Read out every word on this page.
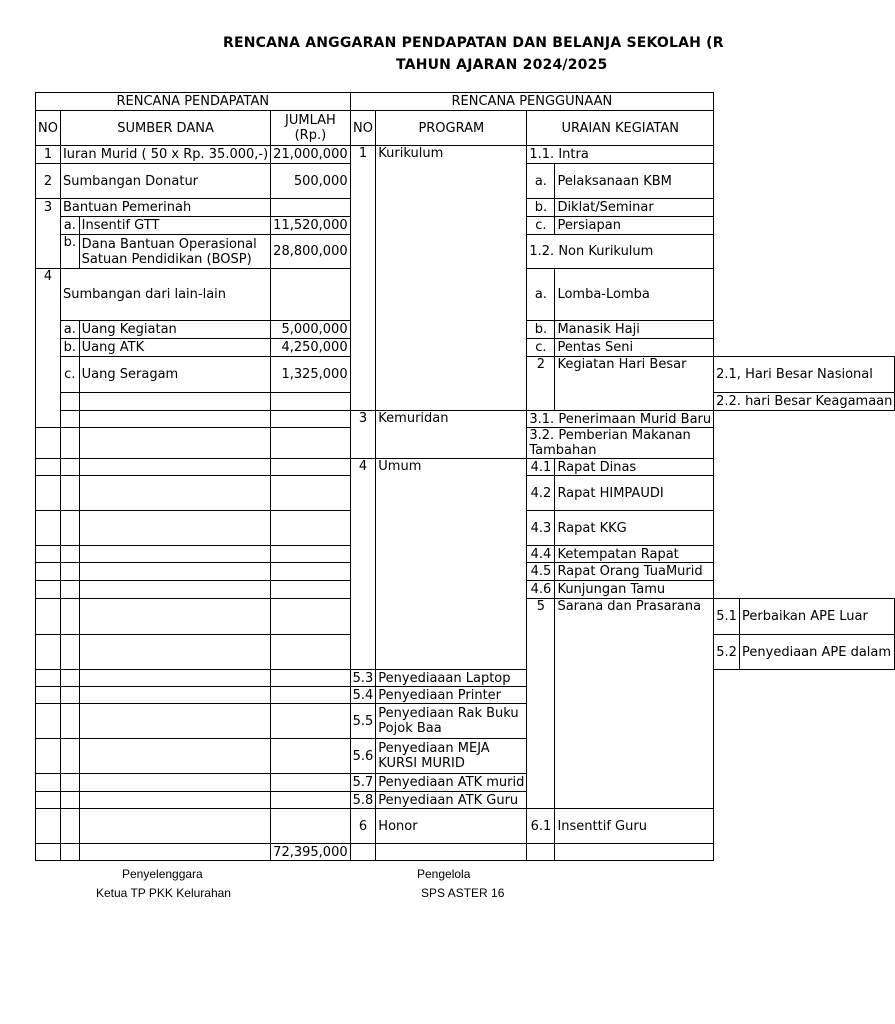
RENCANA ANGGARAN PENDAPATAN DAN BELANJA SEKOLAH (R
TAHUN AJARAN 2024/2025
RENCANA PENDAPATAN				RENCANA PENGGUNAAN					
NO	SUMBER DANA		JUMLAH (Rp.)	NO	PROGRAM	URAIAN KEGIATAN			
1	Iuran Murid ( 50 x Rp. 35.000,-)		21,000,000	1	Kurikulum	1.1. Intra			
2	Sumbangan Donatur		500,000			a.	Pelaksanaan KBM		
3	Bantuan Pemerinah					b.	Diklat/Seminar		
	a.	Insentif GTT	11,520,000			c.	Persiapan		
	b.	Dana Bantuan Operasional Satuan Pendidikan (BOSP)	28,800,000			1.2. Non Kurikulum			
4	Sumbangan dari lain-lain					a.	Lomba-Lomba		
	a.	Uang Kegiatan	5,000,000			b.	Manasik Haji		
	b.	Uang ATK	4,250,000			c.	Pentas Seni		
	c.	Uang Seragam	1,325,000			2	Kegiatan Hari Besar	2.1, Hari Besar Nasional	
								2.2. hari Besar Keagamaan	
				3	Kemuridan	3.1. Penerimaan Murid Baru			
						3.2. Pemberian Makanan Tambahan			
				4	Umum	4.1	Rapat Dinas		
						4.2	Rapat HIMPAUDI		
						4.3	Rapat KKG		
						4.4	Ketempatan Rapat		
						4.5	Rapat Orang TuaMurid		
						4.6	Kunjungan Tamu		
						5	Sarana dan Prasarana	5.1	Perbaikan APE Luar
								5.2	Penyediaan APE dalam
				5.3	Penyediaaan Laptop				
				5.4	Penyediaan Printer				
				5.5	Penyediaan Rak Buku Pojok Baa				
				5.6	Penyediaan MEJA KURSI MURID				
				5.7	Penyediaan ATK murid				
				5.8	Penyediaan ATK Guru				
				6	Honor	6.1	Insenttif Guru		
			72,395,000						
Penyelenggara
Ketua TP PKK Kelurahan
Pengelola
SPS ASTER 16
